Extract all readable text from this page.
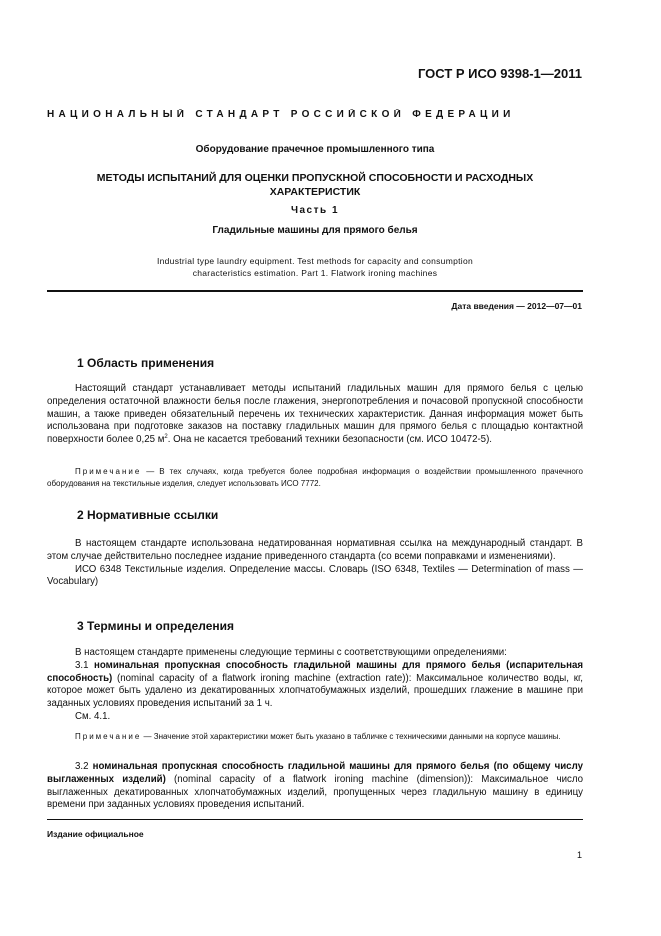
ГОСТ Р ИСО 9398-1—2011
НАЦИОНАЛЬНЫЙ СТАНДАРТ РОССИЙСКОЙ ФЕДЕРАЦИИ
Оборудование прачечное промышленного типа
МЕТОДЫ ИСПЫТАНИЙ ДЛЯ ОЦЕНКИ ПРОПУСКНОЙ СПОСОБНОСТИ И РАСХОДНЫХ
ХАРАКТЕРИСТИК
Часть 1
Гладильные машины для прямого белья
Industrial type laundry equipment. Test methods for capacity and consumption
characteristics estimation. Part 1. Flatwork ironing machines
Дата введения — 2012—07—01
1 Область применения

Настоящий стандарт устанавливает методы испытаний гладильных машин для прямого белья с целью определения остаточной влажности белья после глажения, энергопотребления и почасовой пропускной способности машин, а также приведен обязательный перечень их технических характеристик. Данная информация может быть использована при подготовке заказов на поставку гладильных машин для прямого белья с площадью контактной поверхности более 0,25 $м^2$. Она не касается требований техники безопасности (см. ИСО 10472-5).

Примечание — В тех случаях, когда требуется более подробная информация о воздействии промышленного прачечного оборудования на текстильные изделия, следует использовать ИСО 7772.

2 Нормативные ссылки

В настоящем стандарте использована недатированная нормативная ссылка на международный стандарт. В этом случае действительно последнее издание приведенного стандарта (со всеми поправками и изменениями).

ИСО 6348 Текстильные изделия. Определение массы. Словарь (ISO 6348, Textiles — Determination of mass — Vocabulary)

3 Термины и определения

В настоящем стандарте применены следующие термины с соответствующими определениями:

3.1 номинальная пропускная способность гладильной машины для прямого белья (испарительная способность) (nominal capacity of a flatwork ironing machine (extraction rate)): Максимальное количество воды, кг, которое может быть удалено из декатированных хлопчатобумажных изделий, прошедших глажение в машине при заданных условиях проведения испытаний за 1 ч.

См. 4.1.

Примечание — Значение этой характеристики может быть указано в табличке с техническими данными на корпусе машины.

3.2 номинальная пропускная способность гладильной машины для прямого белья (по общему числу выглаженных изделий) (nominal capacity of a flatwork ironing machine (dimension)): Максимальное число выглаженных декатированных хлопчатобумажных изделий, пропущенных через гладильную машину в единицу времени при заданных условиях проведения испытаний.

Издание официальное
1
